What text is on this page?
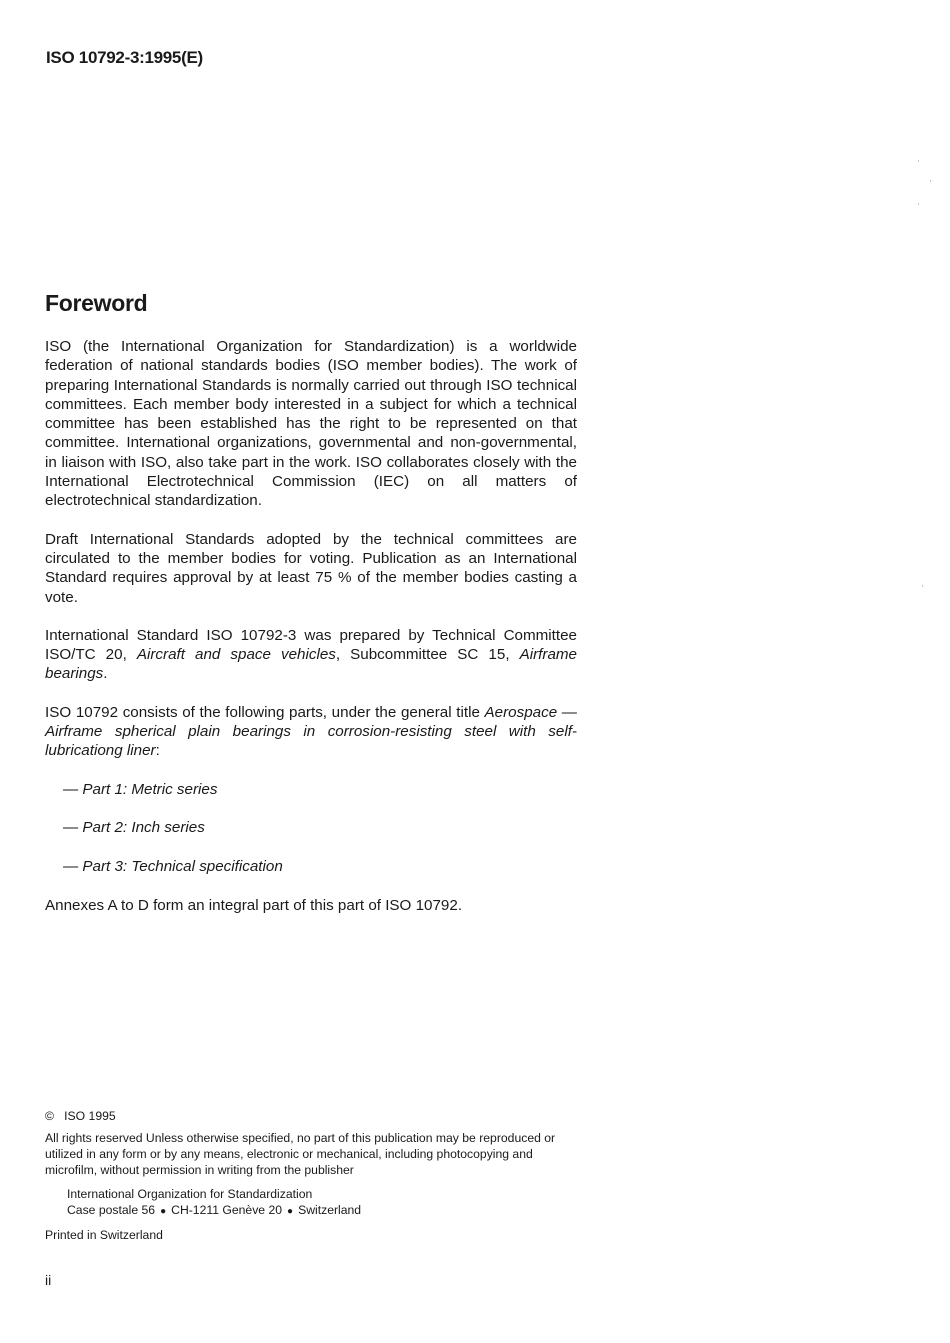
ISO 10792-3:1995(E)
Foreword

ISO (the International Organization for Standardization) is a worldwide federation of national standards bodies (ISO member bodies). The work of preparing International Standards is normally carried out through ISO technical committees. Each member body interested in a subject for which a technical committee has been established has the right to be represented on that committee. International organizations, governmental and non-governmental, in liaison with ISO, also take part in the work. ISO collaborates closely with the International Electrotechnical Commission (IEC) on all matters of electrotechnical standardization.

Draft International Standards adopted by the technical committees are circulated to the member bodies for voting. Publication as an International Standard requires approval by at least 75 % of the member bodies casting a vote.

International Standard ISO 10792-3 was prepared by Technical Committee ISO/TC 20, Aircraft and space vehicles, Subcommittee SC 15, Airframe bearings.

ISO 10792 consists of the following parts, under the general title Aerospace — Airframe spherical plain bearings in corrosion-resisting steel with self-lubricationg liner:

— Part 1: Metric series
— Part 2: Inch series
— Part 3: Technical specification

Annexes A to D form an integral part of this part of ISO 10792.

© ISO 1995
All rights reserved Unless otherwise specified, no part of this publication may be reproduced or utilized in any form or by any means, electronic or mechanical, including photocopying and microfilm, without permission in writing from the publisher
International Organization for Standardization
Case postale 56 ● CH-1211 Genève 20 ● Switzerland
Printed in Switzerland
ii
